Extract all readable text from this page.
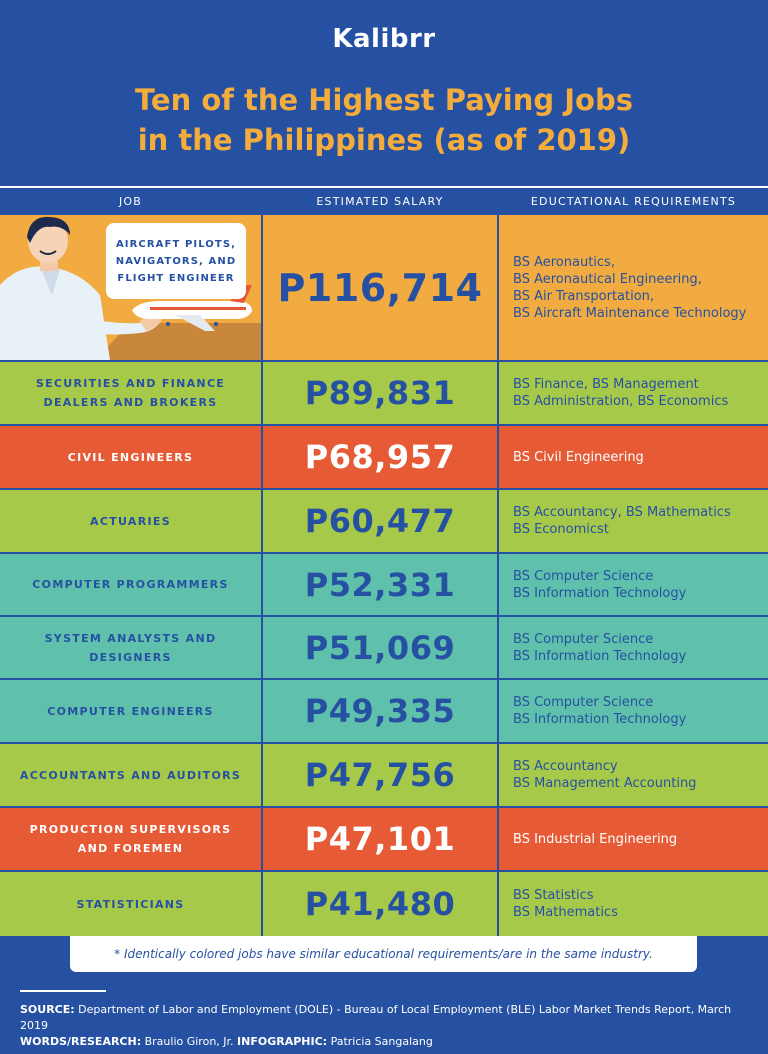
Kalibrr
Ten of the Highest Paying Jobs
in the Philippines (as of 2019)
JOB	ESTIMATED SALARY	EDUCTATIONAL REQUIREMENTS
AIRCRAFT PILOTS, NAVIGATORS, AND FLIGHT ENGINEER	P116,714
BS Aeronautics,
BS Aeronautical Engineering,
BS Air Transportation,
BS Aircraft Maintenance Technology
SECURITIES AND FINANCE DEALERS AND BROKERS	P89,831	BS Finance, BS Management
BS Administration, BS Economics
CIVIL ENGINEERS	P68,957	BS Civil Engineering
ACTUARIES	P60,477	BS Accountancy, BS Mathematics
BS Economicst
COMPUTER PROGRAMMERS	P52,331	BS Computer Science
BS Information Technology
SYSTEM ANALYSTS AND DESIGNERS	P51,069	BS Computer Science
BS Information Technology
COMPUTER ENGINEERS	P49,335	BS Computer Science
BS Information Technology
ACCOUNTANTS AND AUDITORS	P47,756	BS Accountancy
BS Management Accounting
PRODUCTION SUPERVISORS AND FOREMEN	P47,101	BS Industrial Engineering
STATISTICIANS	P41,480	BS Statistics
BS Mathematics
* Identically colored jobs have similar educational requirements/are in the same industry.
SOURCE: Department of Labor and Employment (DOLE) - Bureau of Local Employment (BLE) Labor Market Trends Report, March 2019
WORDS/RESEARCH: Braulio Giron, Jr. INFOGRAPHIC: Patricia Sangalang
